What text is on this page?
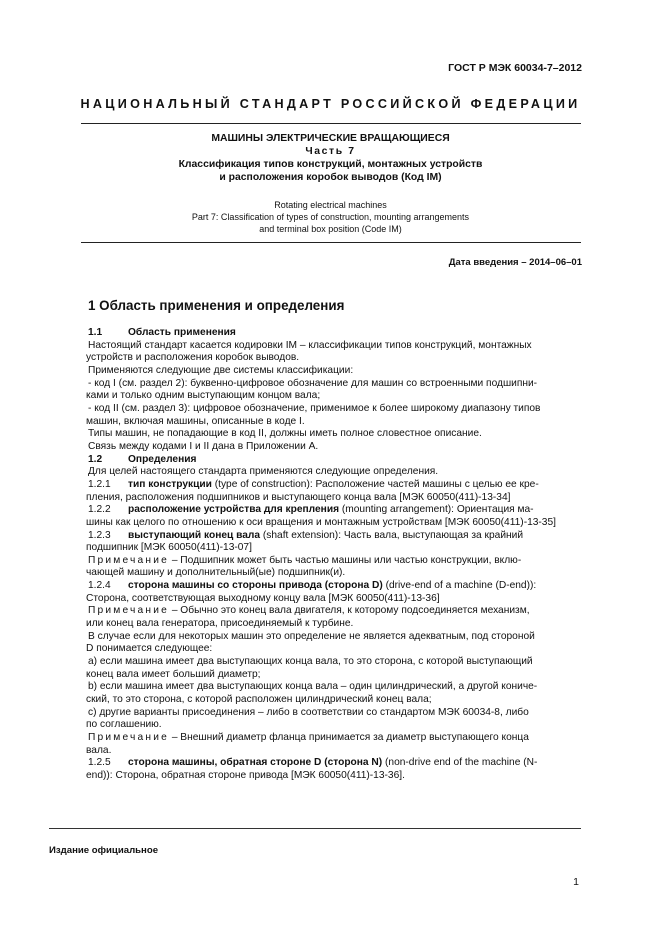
ГОСТ Р МЭК 60034-7–2012
НАЦИОНАЛЬНЫЙ СТАНДАРТ РОССИЙСКОЙ ФЕДЕРАЦИИ
МАШИНЫ ЭЛЕКТРИЧЕСКИЕ ВРАЩАЮЩИЕСЯ
Часть 7
Классификация типов конструкций, монтажных устройств
и расположения коробок выводов (Код IM)
Rotating electrical machines
Part 7: Classification of types of construction, mounting arrangements
and terminal box position (Code IM)
Дата введения – 2014–06–01
1 Область применения и определения

1.1	Область применения

Настоящий стандарт касается кодировки IM – классификации типов конструкций, монтажных

устройств и расположения коробок выводов.

Применяются следующие две системы классификации:

- код I (см. раздел 2): буквенно-цифровое обозначение для машин со встроенными подшипни-

ками и только одним выступающим концом вала;

- код II (см. раздел 3): цифровое обозначение, применимое к более широкому диапазону типов

машин, включая машины, описанные в коде I.

Типы машин, не попадающие в код II, должны иметь полное словестное описание.

Связь между кодами I и II дана в Приложении А.

1.2	Определения

Для целей настоящего стандарта применяются следующие определения.

1.2.1 тип конструкции (type of construction): Расположение частей машины с целью ее кре-

пления, расположения подшипников и выступающего конца вала [МЭК 60050(411)-13-34]

1.2.2 расположение устройства для крепления (mounting arrangement): Ориентация ма-

шины как целого по отношению к оси вращения и монтажным устройствам [МЭК 60050(411)-13-35]

1.2.3 выступающий конец вала (shaft extension): Часть вала, выступающая за крайний

подшипник [МЭК 60050(411)-13-07]

Примечание – Подшипник может быть частью машины или частью конструкции, вклю-

чающей машину и дополнительный(ые) подшипник(и).

1.2.4 сторона машины со стороны привода (сторона D) (drive-end of a machine (D-end)):

Сторона, соответствующая выходному концу вала [МЭК 60050(411)-13-36]

Примечание – Обычно это конец вала двигателя, к которому подсоединяется механизм,

или конец вала генератора, присоединяемый к турбине.

В случае если для некоторых машин это определение не является адекватным, под стороной

D понимается следующее:

а) если машина имеет два выступающих конца вала, то это сторона, с которой выступающий

конец вала имеет больший диаметр;

b) если машина имеет два выступающих конца вала – один цилиндрический, а другой кониче-

ский, то это сторона, с которой расположен цилиндрический конец вала;

с) другие варианты присоединения – либо в соответствии со стандартом МЭК 60034-8, либо

по соглашению.

Примечание – Внешний диаметр фланца принимается за диаметр выступающего конца

вала.

1.2.5 сторона машины, обратная стороне D (сторона N) (non-drive end of the machine (N-

end)): Сторона, обратная стороне привода [МЭК 60050(411)-13-36].

Издание официальное
1
